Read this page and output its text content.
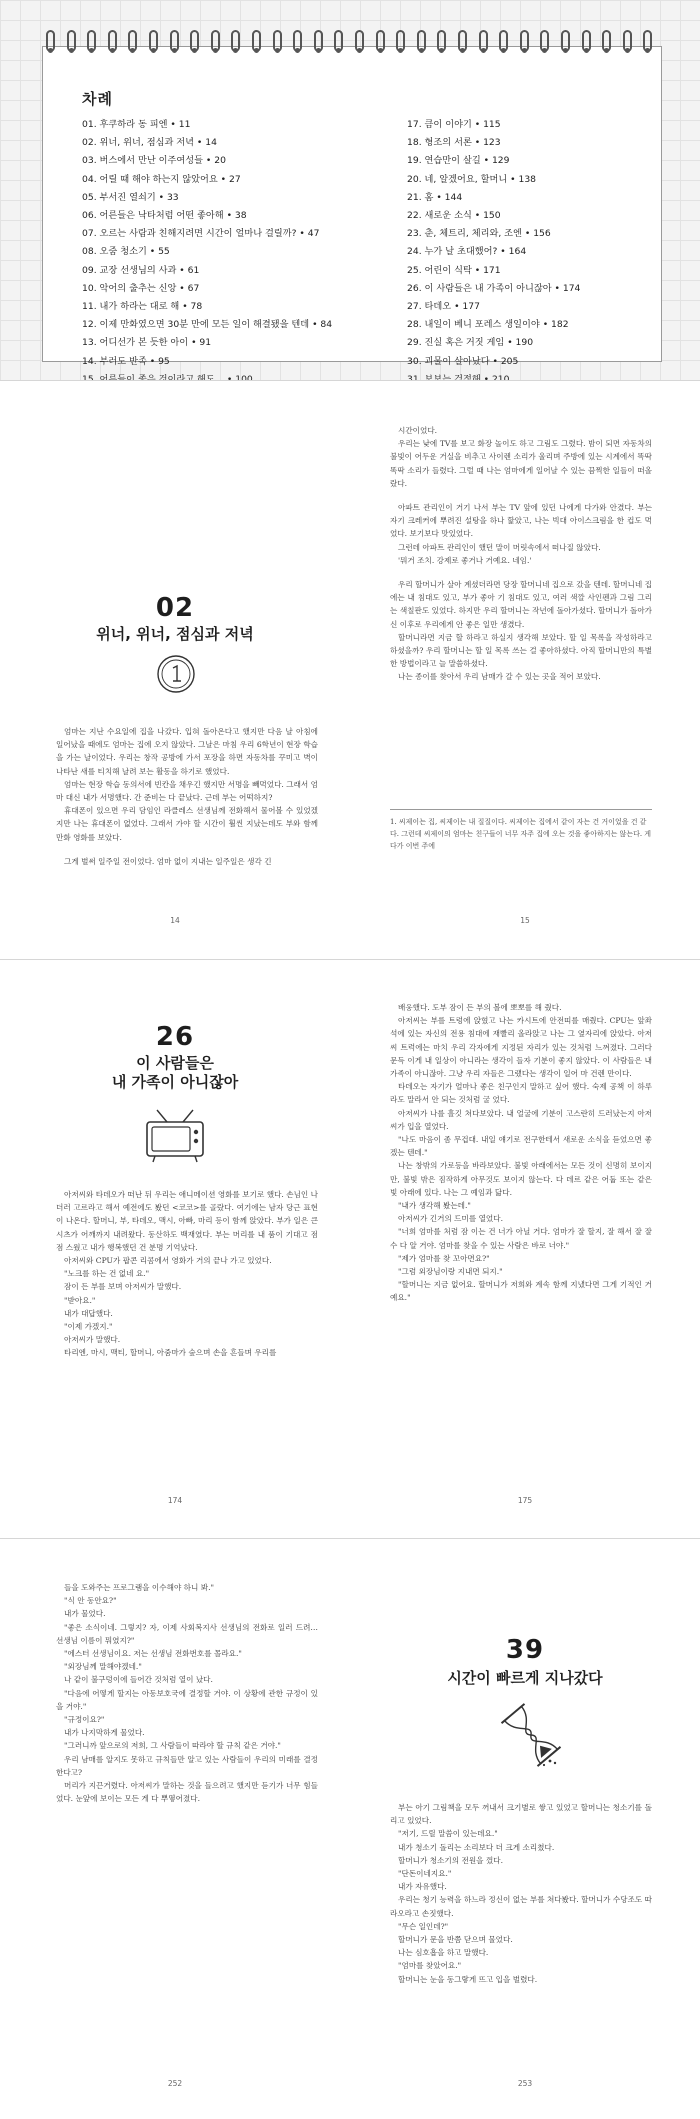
차례
01. 후쿠하라 동 피엔 • 11
02. 위너, 위너, 점심과 저녁 • 14
03. 버스에서 만난 이주여성들 • 20
04. 어릴 때 해야 하는지 않았어요 • 27
05. 부서진 열쇠기 • 33
06. 어른들은 낙타처럼 어떤 좋아해 • 38
07. 오르는 사람과 친해지려면 시간이 얼마나 걸릴까? • 47
08. 오줌 청소기 • 55
09. 교장 선생님의 사과 • 61
10. 악어의 출추는 신앙 • 67
11. 내가 하라는 대로 해 • 78
12. 이제 만화였으면 30분 만에 모든 일이 해결됐을 텐데 • 84
13. 어디선가 본 듯한 아이 • 91
14. 부러도 반족 • 95
17. 큼이 이야기 • 115
18. 형조의 서론 • 123
19. 연습만이 살길 • 129
20. 네, 알겠어요, 할머니 • 138
21. 홈 • 144
22. 새로운 소식 • 150
23. 춘, 체트리, 체리와, 조엔 • 156
24. 누가 날 초대했어? • 164
25. 어린이 식탁 • 171
26. 이 사람들은 내 가족이 아니잖아 • 174
27. 타데오 • 177
28. 내일이 베니 포레스 생일이야 • 182
29. 진실 혹은 거짓 게임 • 190
30. 괴물이 살아났다 • 205
02
위너, 위너, 점심과 저녁

엄마는 지난 수요일에 집을 나갔다. 입혀 돌아온다고 했지만 다음 날 아침에 일어났을 때에도 엄마는 집에 오지 않았다. 그날은 마침 우리 6학년이 현장 학습을 가는 날이었다. 우리는 창작 공방에 가서 포장을 하면 자동차를 꾸미고 벽이 나타난 새를 티치해 날려 보는 활동을 하기로 했었다.

엄마는 현장 학습 동의서에 빈칸을 채우긴 했지만 서명을 빼먹었다. 그래서 엄마 대신 내가 서명했다. 간 준비는 다 끝났다. 근데 부는 어떡하지?

휴대폰이 있으면 우리 담임인 라클레스 선생님께 전화해서 물어볼 수 있었겠지만 나는 휴대폰이 없었다. 그래서 가야 할 시간이 훨씬 지났는데도 부와 함께 만화 영화를 보았다.

그게 벌써 일주일 전이었다. 엄마 없이 지내는 일주일은 생각 긴

14

시간이었다.

우리는 낮에 TV를 보고 화장 놀이도 하고 그림도 그렸다. 밤이 되면 자동차의 불빛이 어두운 거실을 비추고 사이렌 소리가 울리며 주방에 있는 시계에서 똑딱똑딱 소리가 들렸다. 그럴 때 나는 엄마에게 일어날 수 있는 끔찍한 일들이 떠올랐다.

아파트 관리인이 거기 나서 부는 TV 앞에 있던 나에게 다가와 안겼다. 부는 자기 크레커에 뿌려진 설탕을 하나 핥았고, 나는 빅대 아이스크림을 한 컵도 먹었다. 보기보다 맛있었다.

그런데 아파트 관리인이 했던 말이 머릿속에서 떠나질 않았다.

'뭐거 조치. 강제로 좋거나 거예요. 네임.'

우리 할머니가 살아 계셨더라면 당장 할머니네 집으로 갔을 텐데. 할머니네 집에는 내 침대도 있고, 부가 좋아 기 침대도 있고, 여러 색깔 사인펜과 그림 그리는 색칠판도 있었다. 하지만 우리 할머니는 작년에 돌아가셨다. 할머니가 돌아가신 이후로 우리에게 안 좋은 일만 생겼다.

할머니라면 지금 할 하라고 하실지 생각해 보았다. 할 일 목록을 작성하라고 하셨을까? 우리 할머니는 할 일 목록 쓰는 걸 좋아하셨다. 아직 할머니만의 특별한 방법이라고 늘 말씀하셨다.

나는 종이를 찾아서 우리 남매가 갈 수 있는 곳을 적어 보았다.

1. 씨제이는 집, 씨제이는 내 질질이다. 씨제이는 집에서 같이 자는 건 거이었을 건 같다. 그런데 씨제이의 엄마는 친구들이 너무 자주 집에 오는 것을 좋아하지는 않는다. 게다가 이번 주에
15
26
이 사람들은
내 가족이 아니잖아

아저씨와 타데오가 떠난 뒤 우리는 애니메이션 영화를 보기로 했다. 손님인 나더러 고르라고 해서 예전에도 봤던 <코코>를 골랐다. 여기에는 남자 당근 표현이 나온다. 할머니, 부, 타데오, 맥시, 아빠, 마리 등이 함께 앉았다. 부가 일은 큰 시츠가 어깨까지 내려왔다. 동산하도 백재였다. 부는 머리를 내 품이 기대고 점점 스웠고 내가 행복했던 건 분명 기억났다.

아저씨와 CPU가 팝콘 리콤에서 영화가 거의 끝나 가고 있었다.

"노크를 하는 건 없네 요."

잠이 든 부를 보며 아저씨가 말했다.

"받아요."

내가 대답했다.

"이제 가겠지."

아저씨가 말했다.

타리엔, 마시, 맥티, 할머니, 아줌마가 숲으며 손을 흔들며 우리를

174

배웅했다. 도부 잠이 든 부의 볼에 뽀뽀를 해 줬다.

아저씨는 부를 트렁에 앉혔고 나는 카시트에 안전띠를 매줬다. CPU는 앞좌석에 있는 자신의 전용 침대에 재빨리 올라앉고 나는 그 옆자리에 앉았다. 아저씨 트럭에는 마치 우리 각자에게 지정된 자리가 있는 것처럼 느껴졌다. 그러다 문득 이게 내 일상이 아니라는 생각이 들자 기분이 좋지 않았다. 이 사람들은 내 가족이 아니잖아. 그냥 우리 자들은 그랬다는 생각이 일어 마 건렌 만이다.

타데오는 자기가 얼마나 좋은 친구인지 말하고 싶어 했다. 숙제 공책 이 하루라도 말라서 안 되는 것처럼 굴 었다.

아저씨가 나를 흘깃 쳐다보았다. 내 얼굴에 기분이 고스란히 드러났는지 아저씨가 입을 열었다.

"나도 마음이 좀 무겁대. 내일 얘기로 전구한테서 새로운 소식을 듣었으면 좋겠는 텐데."

나는 창밖의 가로등을 바라보았다. 불빛 아래에서는 모든 것이 신명히 보이지만, 불빛 밖은 짐작하게 아무것도 보이지 않는다. 다 데르 같은 어둡 또는 같은 빛 아래에 있다. 나는 그 예임과 닮다.

"내가 생각해 봤는데."

아저씨가 긴거의 드미를 열었다.

"너희 엄마를 처럼 잠 이는 건 너가 아닐 거다. 엄마가 잘 할지, 잘 해서 잘 잘 수 다 알 거야. 엄마를 찾을 수 있는 사람은 바로 너야."

"제가 엄마를 찾 꼬아면요?"

"그럼 외장님이랑 지내면 되지."

"할머니는 지금 없어요. 할머니가 저희와 계속 함께 지냈다면 그게 기적인 거예요."

175

들을 도와주는 프로그램을 이수해야 하니 봐."

"식 안 동안요?"

내가 물었다.

"좋은 소식이네. 그렇지? 자, 이제 사회복지사 선생님의 전화로 일러 드려… 선생님 이름이 뭐였지?"

"에스터 선생님이요. 저는 선생님 전화번호를 몰라요."

"외장님께 말해야겠네."

나 같이 불구덩이에 들어간 것처럼 열이 났다.

"다음에 어떻게 할지는 아동보호국에 결정할 거야. 이 상황에 관한 규정이 있을 거야."

"규정이요?"

내가 나지막하게 물었다.

"그러니까 앞으로의 저희, 그 사람들이 따라야 할 규칙 같은 거야."

우리 남매를 알지도 못하고 규칙들만 알고 있는 사람들이 우리의 미래를 결정한다고?

머리가 지끈거렸다. 아저씨가 말하는 것을 들으려고 했지만 듣기가 너무 힘들었다. 눈앞에 보이는 모든 게 다 뿌옇어졌다.

252
39
시간이 빠르게 지나갔다

부는 아기 그림책을 모두 꺼내서 크기별로 쌓고 있었고 할머니는 청소기를 돌리고 있었다.

"저기, 드릴 말씀이 있는데요."

내가 청소기 돌리는 소리보다 더 크게 소리쳤다.

할머니가 청소기의 전원을 껐다.

"단돈이네지요."

내가 자유했다.

우리는 청기 능력을 하느라 정신이 없는 부를 쳐다봤다. 할머니가 수당조도 따라오라고 손짓했다.

"무슨 일인데?"

할머니가 문을 반쯤 닫으며 물었다.

나는 심호흡을 하고 말했다.

"엄마를 찾았어요."

할머니는 눈을 동그랗게 뜨고 입을 벌렸다.

253
